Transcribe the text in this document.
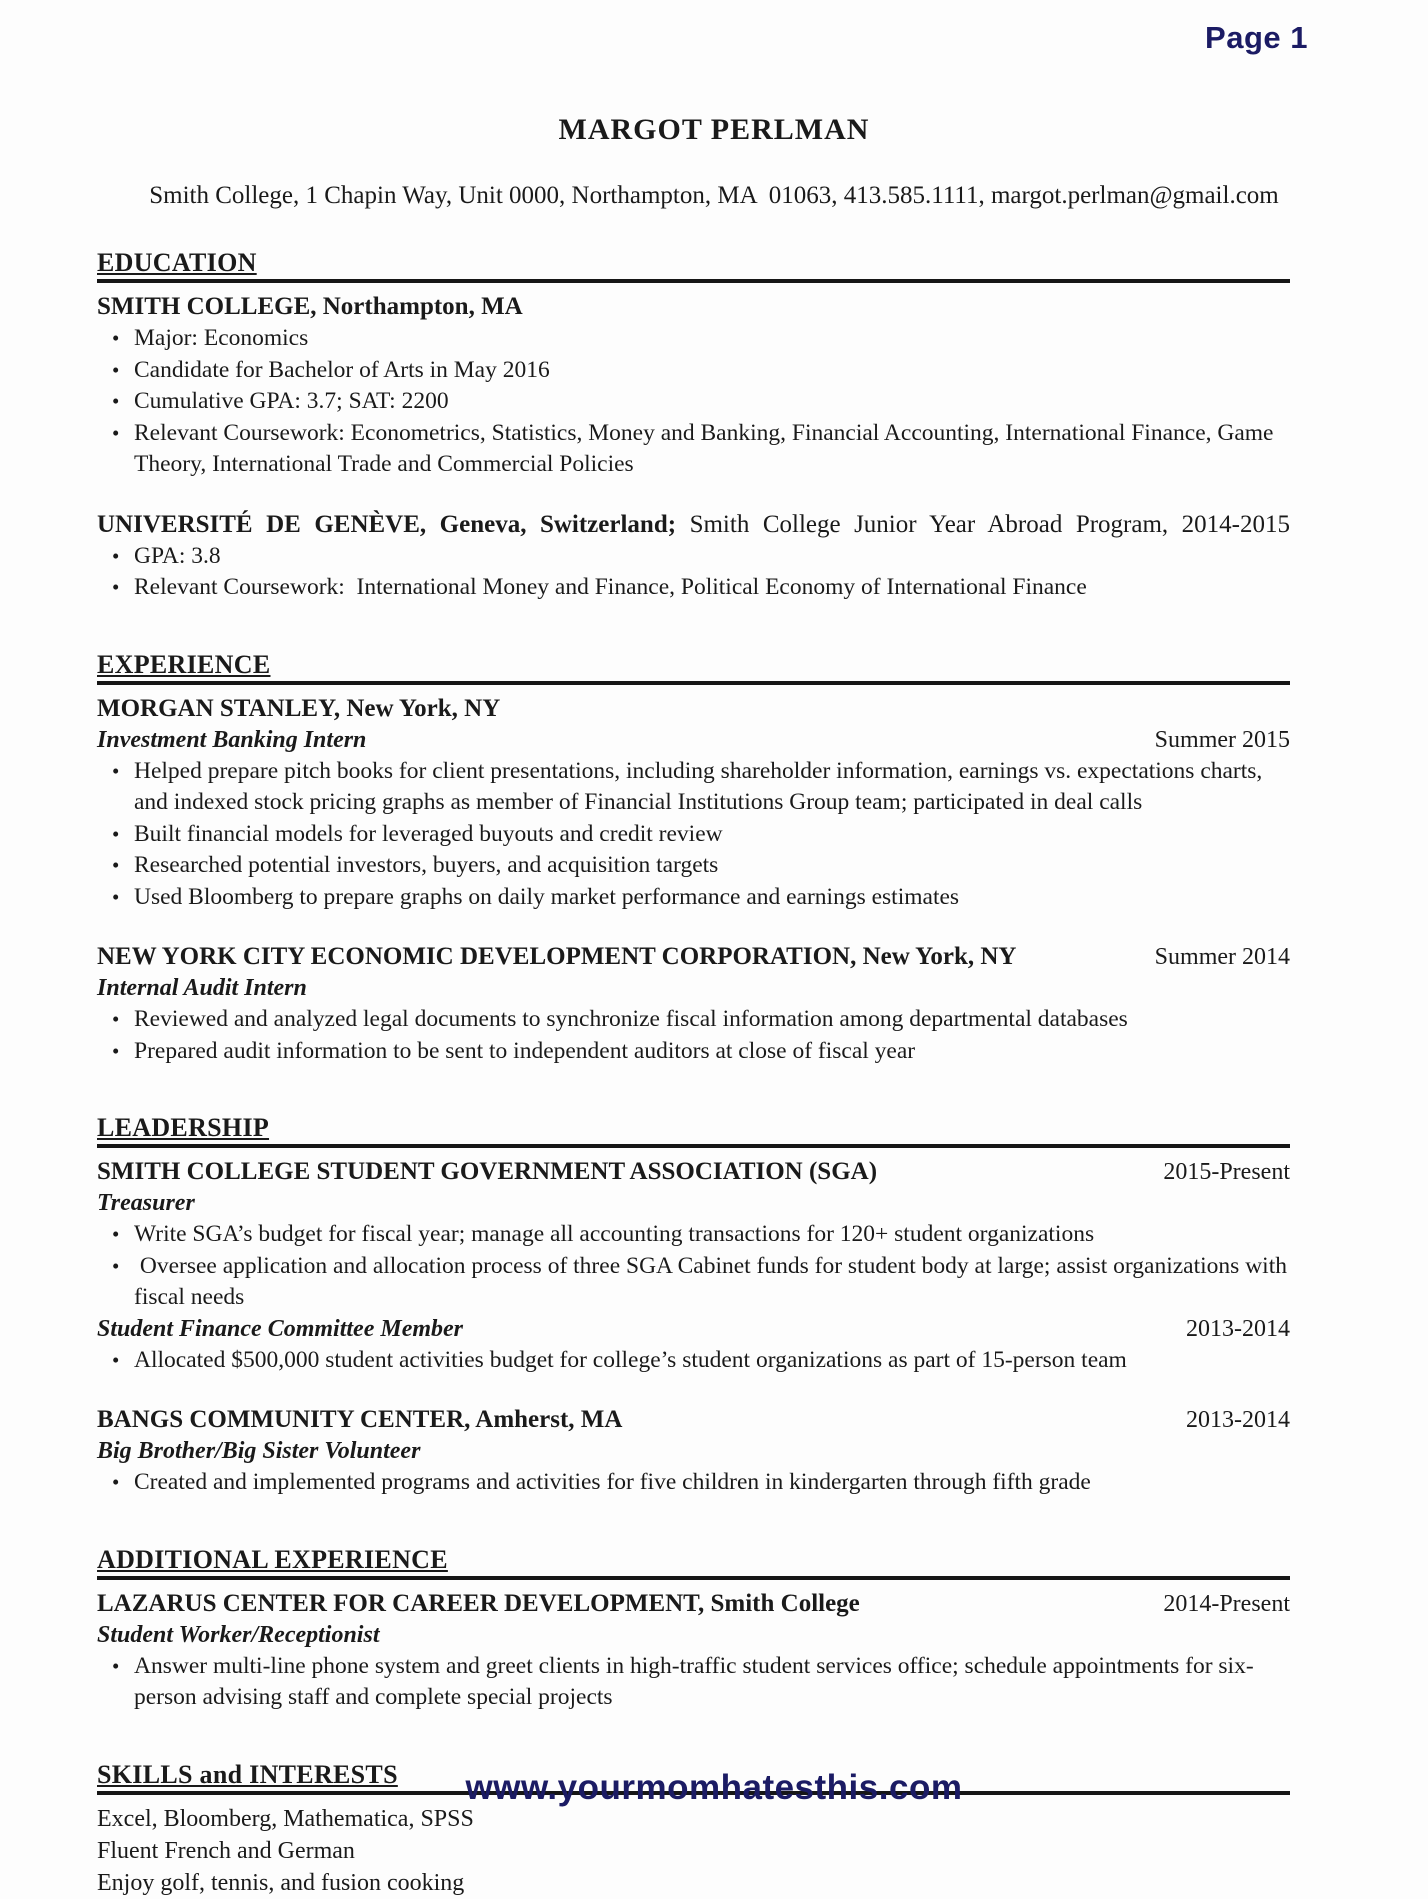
Page 1
MARGOT PERLMAN
Smith College, 1 Chapin Way, Unit 0000, Northampton, MA  01063, 413.585.1111, margot.perlman@gmail.com
EDUCATION
SMITH COLLEGE, Northampton, MA
• Major: Economics
• Candidate for Bachelor of Arts in May 2016
• Cumulative GPA: 3.7; SAT: 2200
• Relevant Coursework: Econometrics, Statistics, Money and Banking, Financial Accounting, International Finance, Game Theory, International Trade and Commercial Policies
UNIVERSITÉ DE GENÈVE, Geneva, Switzerland; Smith College Junior Year Abroad Program, 2014-2015
• GPA: 3.8
• Relevant Coursework:  International Money and Finance, Political Economy of International Finance
EXPERIENCE
MORGAN STANLEY, New York, NY
Investment Banking Intern	Summer 2015
• Helped prepare pitch books for client presentations, including shareholder information, earnings vs. expectations charts, and indexed stock pricing graphs as member of Financial Institutions Group team; participated in deal calls
• Built financial models for leveraged buyouts and credit review
• Researched potential investors, buyers, and acquisition targets
• Used Bloomberg to prepare graphs on daily market performance and earnings estimates
NEW YORK CITY ECONOMIC DEVELOPMENT CORPORATION, New York, NY	Summer 2014
Internal Audit Intern
• Reviewed and analyzed legal documents to synchronize fiscal information among departmental databases
• Prepared audit information to be sent to independent auditors at close of fiscal year
LEADERSHIP
SMITH COLLEGE STUDENT GOVERNMENT ASSOCIATION (SGA)	2015-Present
Treasurer
• Write SGA’s budget for fiscal year; manage all accounting transactions for 120+ student organizations
•  Oversee application and allocation process of three SGA Cabinet funds for student body at large; assist organizations with fiscal needs
Student Finance Committee Member	2013-2014
• Allocated $500,000 student activities budget for college’s student organizations as part of 15-person team
BANGS COMMUNITY CENTER, Amherst, MA	2013-2014
Big Brother/Big Sister Volunteer
• Created and implemented programs and activities for five children in kindergarten through fifth grade
ADDITIONAL EXPERIENCE
LAZARUS CENTER FOR CAREER DEVELOPMENT, Smith College	2014-Present
Student Worker/Receptionist
• Answer multi-line phone system and greet clients in high-traffic student services office; schedule appointments for six-person advising staff and complete special projects
SKILLS and INTERESTS

Excel, Bloomberg, Mathematica, SPSS

Fluent French and German

Enjoy golf, tennis, and fusion cooking

www.yourmomhatesthis.com
